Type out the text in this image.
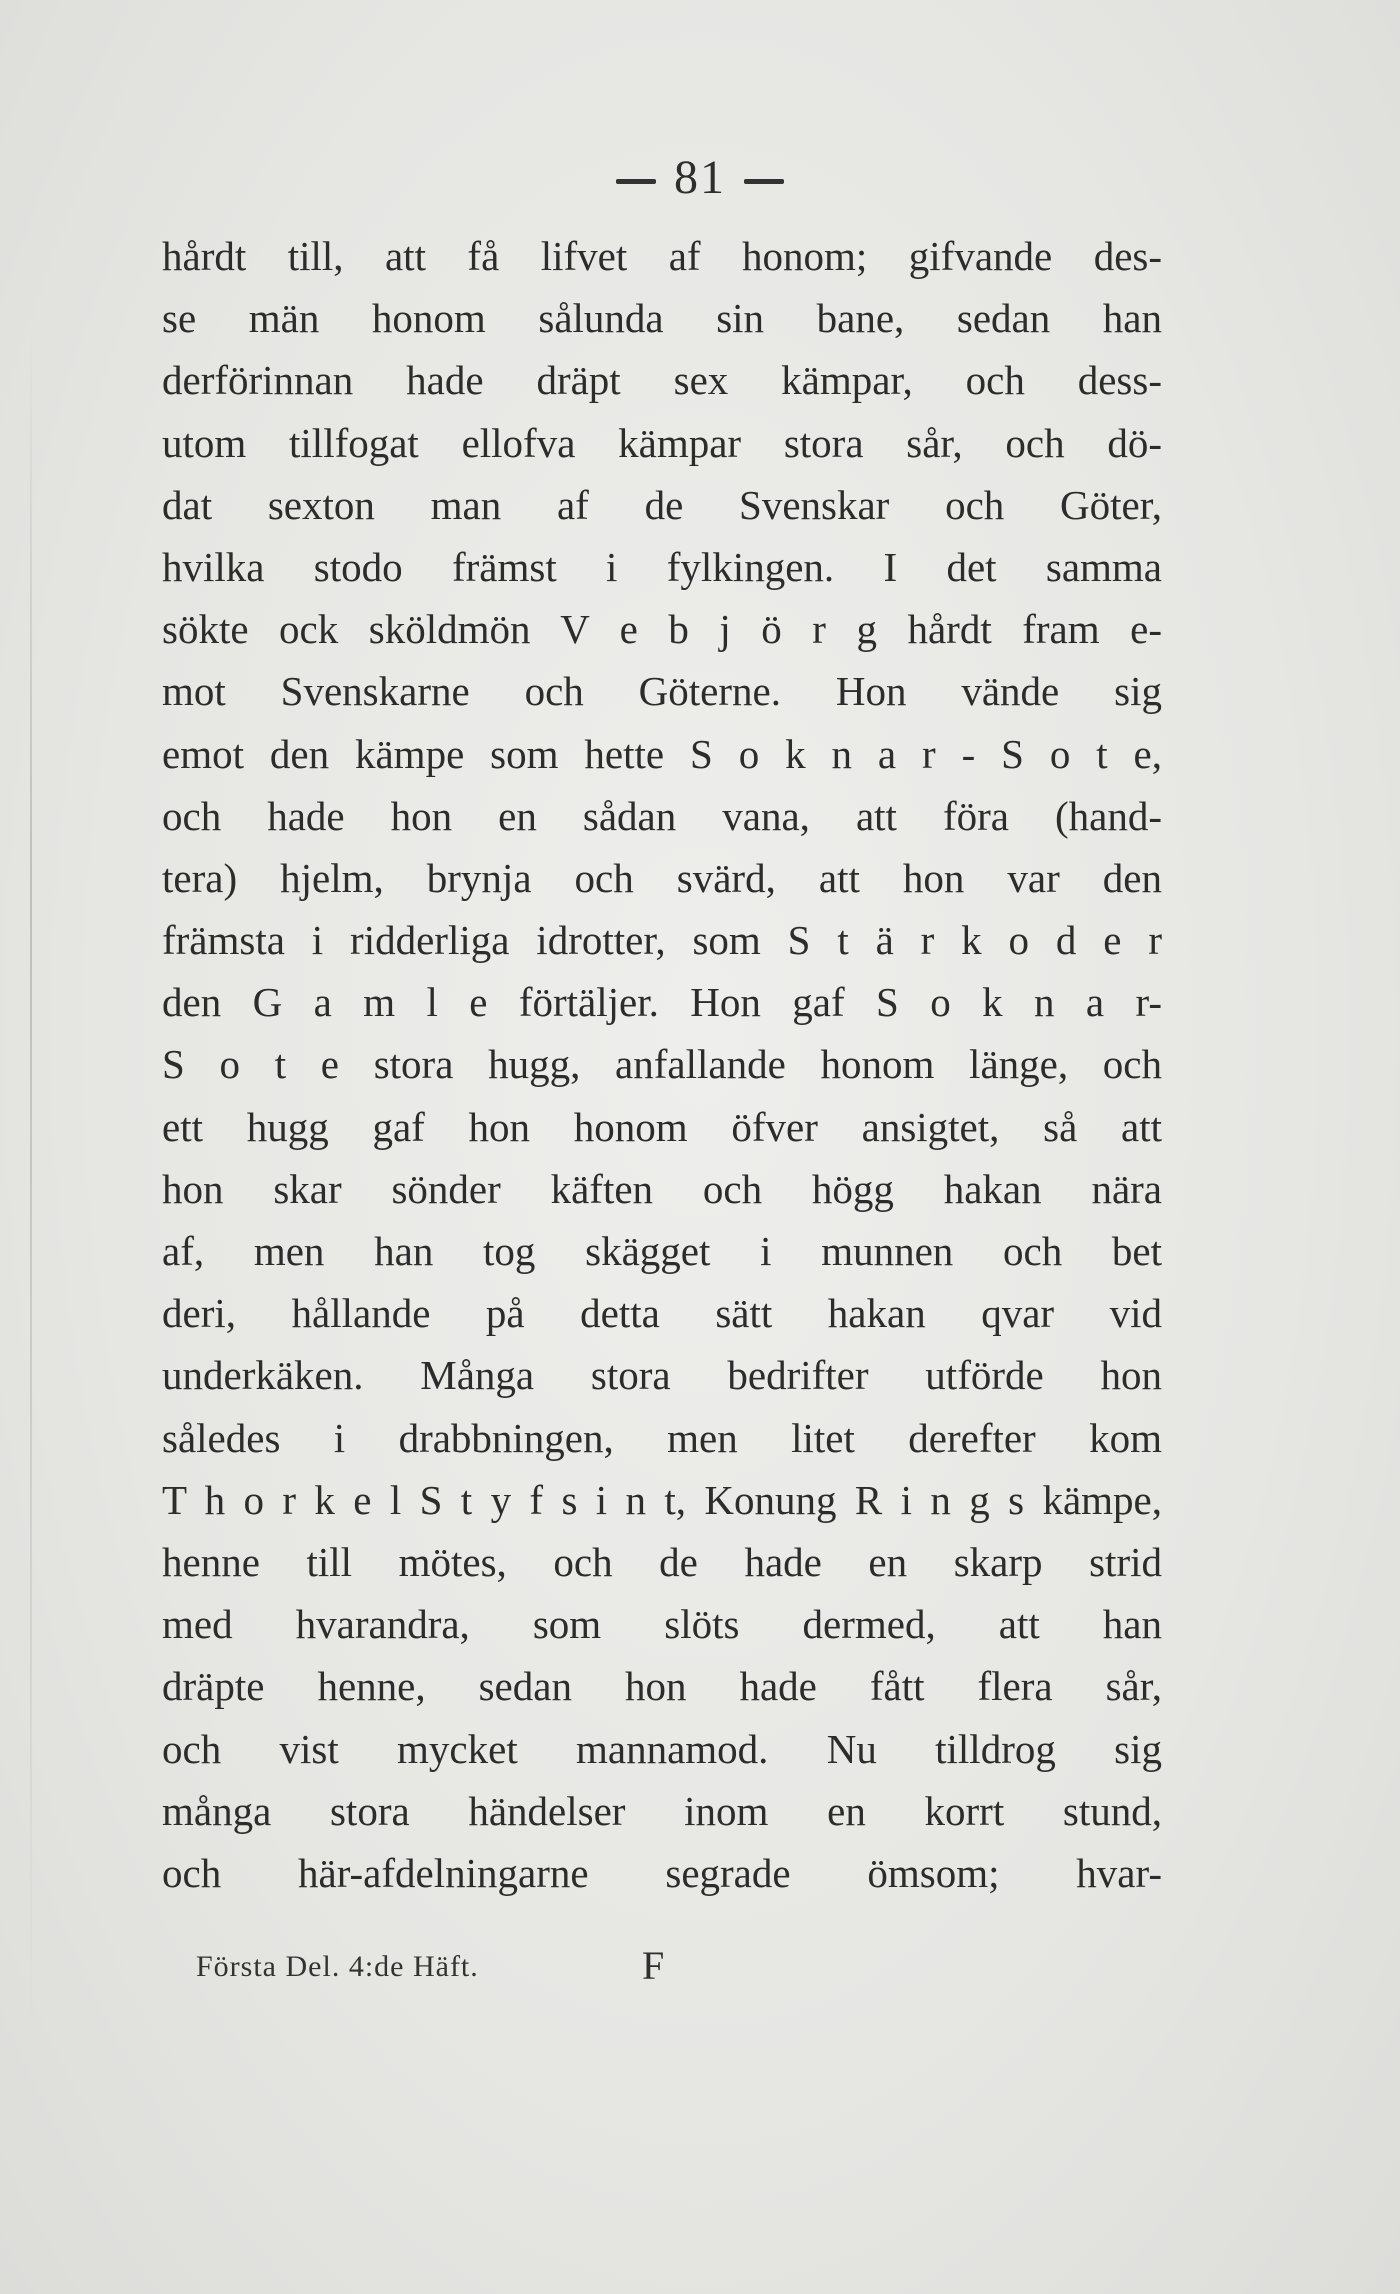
81
hårdt till, att få lifvet af honom; gifvande des-
se män honom sålunda sin bane, sedan han
derförinnan hade dräpt sex kämpar, och dess-
utom tillfogat ellofva kämpar stora sår, och dö-
dat sexton man af de Svenskar och Göter,
hvilka stodo främst i fylkingen. I det samma
sökte ock sköldmön V e b j ö r g hårdt fram e-
mot Svenskarne och Göterne. Hon vände sig
emot den kämpe som hette S o k n a r - S o t e,
och hade hon en sådan vana, att föra (hand-
tera) hjelm, brynja och svärd, att hon var den
främsta i ridderliga idrotter, som S t ä r k o d e r
den G a m l e förtäljer. Hon gaf S o k n a r-
S o t e stora hugg, anfallande honom länge, och
ett hugg gaf hon honom öfver ansigtet, så att
hon skar sönder käften och högg hakan nära
af, men han tog skägget i munnen och bet
deri, hållande på detta sätt hakan qvar vid
underkäken. Många stora bedrifter utförde hon
således i drabbningen, men litet derefter kom
T h o r k e l S t y f s i n t, Konung R i n g s kämpe,
henne till mötes, och de hade en skarp strid
med hvarandra, som slöts dermed, att han
dräpte henne, sedan hon hade fått flera sår,
och vist mycket mannamod. Nu tilldrog sig
många stora händelser inom en korrt stund,
och här-afdelningarne segrade ömsom; hvar-
Första Del. 4:de Häft.	F
